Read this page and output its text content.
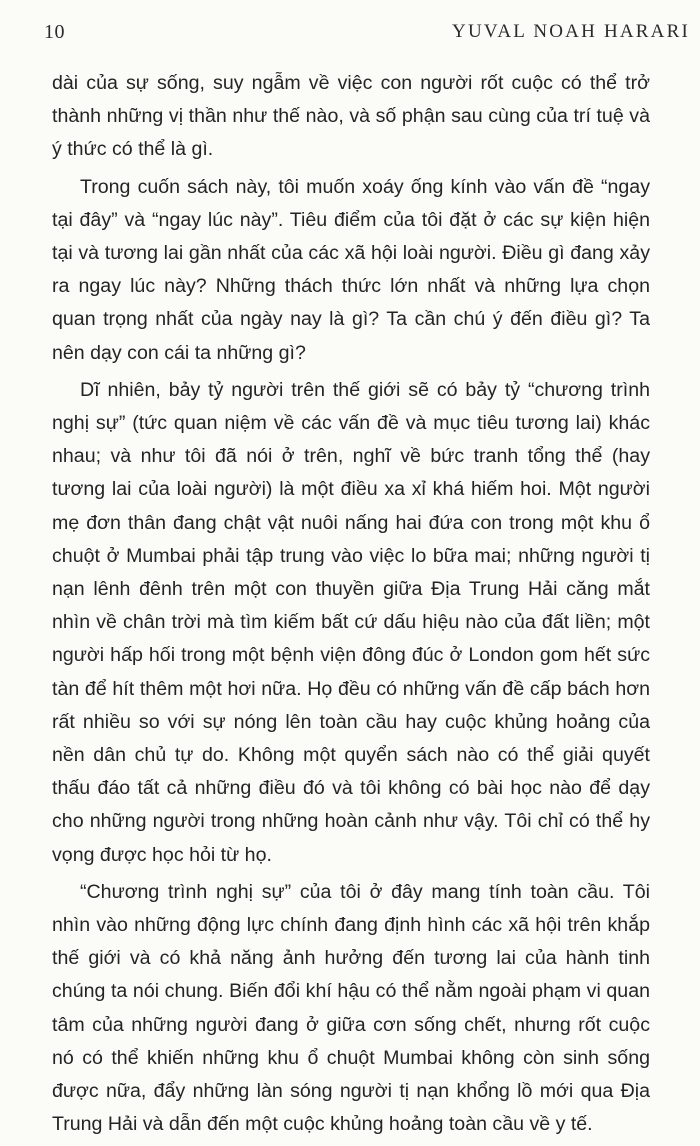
10	YUVAL NOAH HARARI

dài của sự sống, suy ngẫm về việc con người rốt cuộc có thể trở thành những vị thần như thế nào, và số phận sau cùng của trí tuệ và ý thức có thể là gì.

Trong cuốn sách này, tôi muốn xoáy ống kính vào vấn đề “ngay tại đây” và “ngay lúc này”. Tiêu điểm của tôi đặt ở các sự kiện hiện tại và tương lai gần nhất của các xã hội loài người. Điều gì đang xảy ra ngay lúc này? Những thách thức lớn nhất và những lựa chọn quan trọng nhất của ngày nay là gì? Ta cần chú ý đến điều gì? Ta nên dạy con cái ta những gì?

Dĩ nhiên, bảy tỷ người trên thế giới sẽ có bảy tỷ “chương trình nghị sự” (tức quan niệm về các vấn đề và mục tiêu tương lai) khác nhau; và như tôi đã nói ở trên, nghĩ về bức tranh tổng thể (hay tương lai của loài người) là một điều xa xỉ khá hiếm hoi. Một người mẹ đơn thân đang chật vật nuôi nấng hai đứa con trong một khu ổ chuột ở Mumbai phải tập trung vào việc lo bữa mai; những người tị nạn lênh đênh trên một con thuyền giữa Địa Trung Hải căng mắt nhìn về chân trời mà tìm kiếm bất cứ dấu hiệu nào của đất liền; một người hấp hối trong một bệnh viện đông đúc ở London gom hết sức tàn để hít thêm một hơi nữa. Họ đều có những vấn đề cấp bách hơn rất nhiều so với sự nóng lên toàn cầu hay cuộc khủng hoảng của nền dân chủ tự do. Không một quyển sách nào có thể giải quyết thấu đáo tất cả những điều đó và tôi không có bài học nào để dạy cho những người trong những hoàn cảnh như vậy. Tôi chỉ có thể hy vọng được học hỏi từ họ.

“Chương trình nghị sự” của tôi ở đây mang tính toàn cầu. Tôi nhìn vào những động lực chính đang định hình các xã hội trên khắp thế giới và có khả năng ảnh hưởng đến tương lai của hành tinh chúng ta nói chung. Biến đổi khí hậu có thể nằm ngoài phạm vi quan tâm của những người đang ở giữa cơn sống chết, nhưng rốt cuộc nó có thể khiến những khu ổ chuột Mumbai không còn sinh sống được nữa, đẩy những làn sóng người tị nạn khổng lồ mới qua Địa Trung Hải và dẫn đến một cuộc khủng hoảng toàn cầu về y tế.
